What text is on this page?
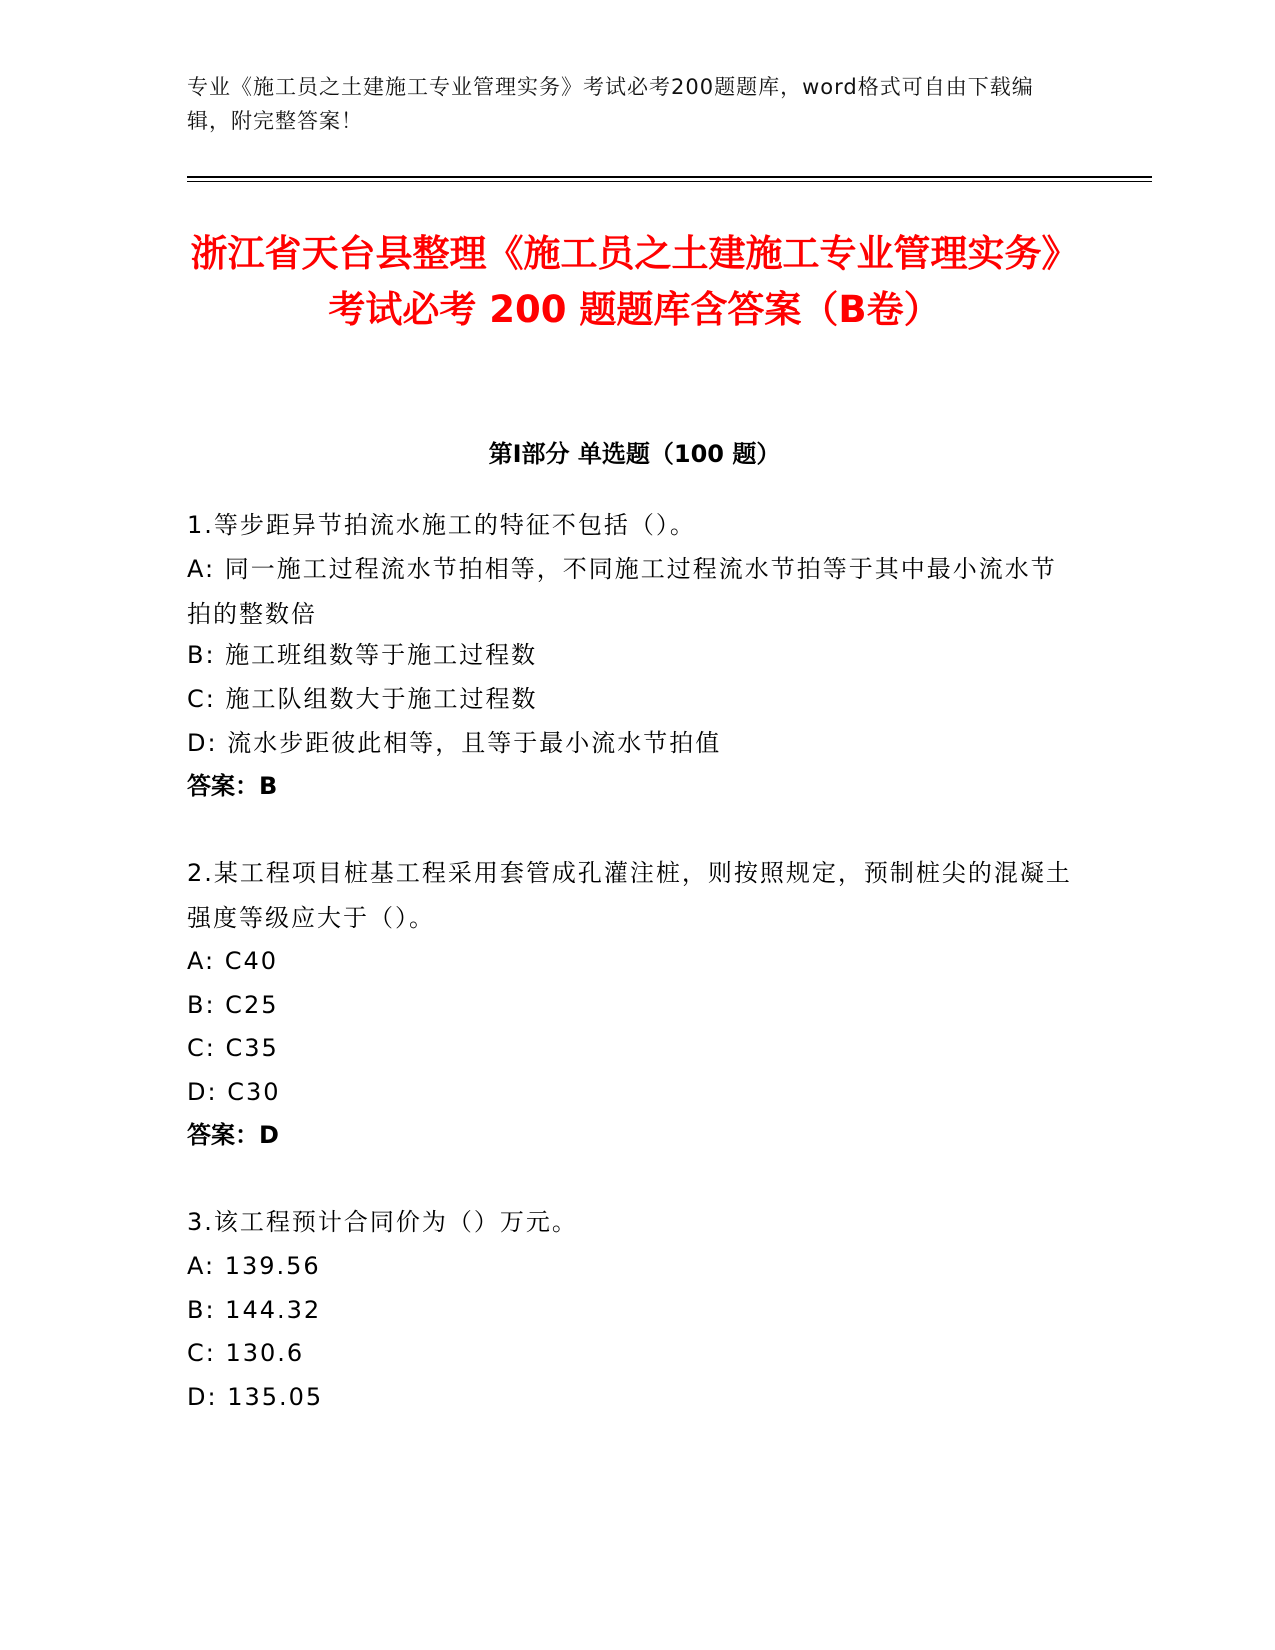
专业《施工员之土建施工专业管理实务》考试必考200题题库，word格式可自由下载编辑，附完整答案！
浙江省天台县整理《施工员之土建施工专业管理实务》考试必考 200 题题库含答案（B卷）
第Ⅰ部分 单选题（100 题）
1.等步距异节拍流水施工的特征不包括（）。
A: 同一施工过程流水节拍相等，不同施工过程流水节拍等于其中最小流水节拍的整数倍
B: 施工班组数等于施工过程数
C: 施工队组数大于施工过程数
D: 流水步距彼此相等，且等于最小流水节拍值
答案：B
2.某工程项目桩基工程采用套管成孔灌注桩，则按照规定，预制桩尖的混凝土强度等级应大于（）。
A: C40
B: C25
C: C35
D: C30
答案：D
3.该工程预计合同价为（）万元。
A: 139.56
B: 144.32
C: 130.6
D: 135.05
